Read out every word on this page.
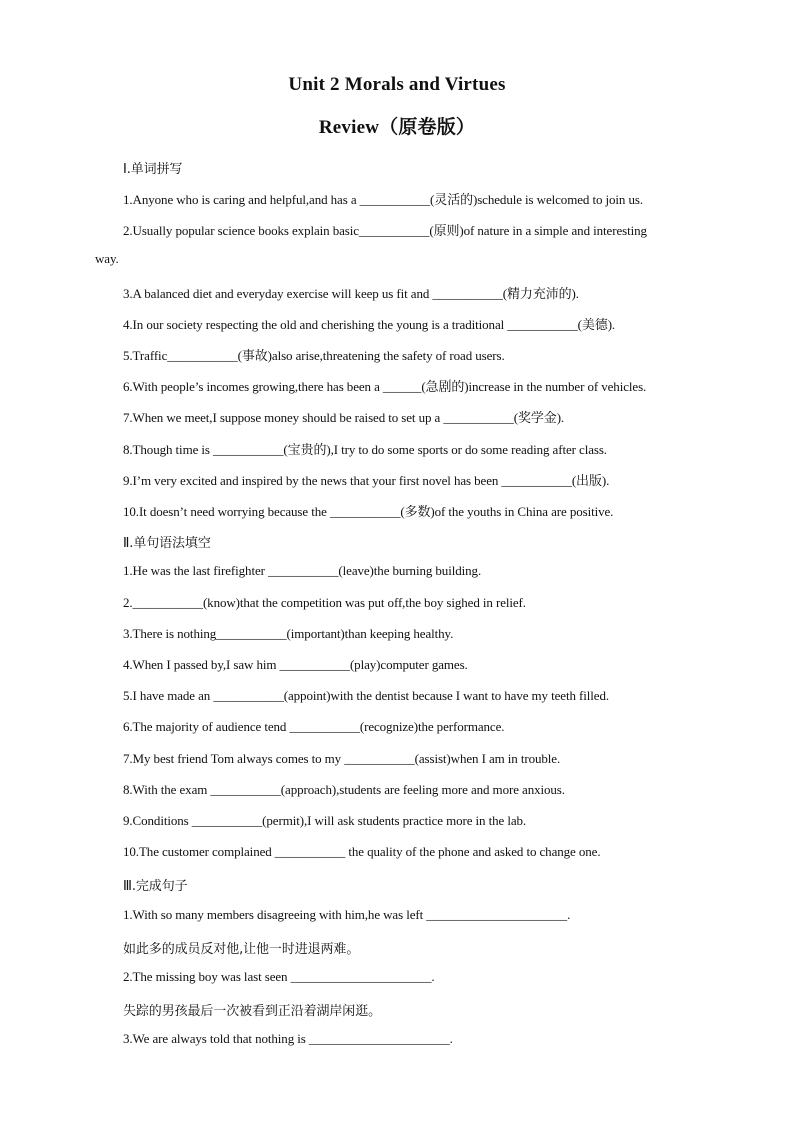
Unit 2 Morals and Virtues
Review（原卷版）
Ⅰ.单词拼写
1.Anyone who is caring and helpful,and has a ___________(灵活的)schedule is welcomed to join us.
2.Usually popular science books explain basic___________(原则)of nature in a simple and interesting
way.
3.A balanced diet and everyday exercise will keep us fit and ___________(精力充沛的).
4.In our society respecting the old and cherishing the young is a traditional ___________(美德).
5.Traffic___________(事故)also arise,threatening the safety of road users.
6.With people’s incomes growing,there has been a ______(急剧的)increase in the number of vehicles.
7.When we meet,I suppose money should be raised to set up a ___________(奖学金).
8.Though time is ___________(宝贵的),I try to do some sports or do some reading after class.
9.I’m very excited and inspired by the news that your first novel has been ___________(出版).
10.It doesn’t need worrying because the ___________(多数)of the youths in China are positive.
Ⅱ.单句语法填空
1.He was the last firefighter ___________(leave)the burning building.
2.___________(know)that the competition was put off,the boy sighed in relief.
3.There is nothing___________(important)than keeping healthy.
4.When I passed by,I saw him ___________(play)computer games.
5.I have made an ___________(appoint)with the dentist because I want to have my teeth filled.
6.The majority of audience tend ___________(recognize)the performance.
7.My best friend Tom always comes to my ___________(assist)when I am in trouble.
8.With the exam ___________(approach),students are feeling more and more anxious.
9.Conditions ___________(permit),I will ask students practice more in the lab.
10.The customer complained ___________ the quality of the phone and asked to change one.
Ⅲ.完成句子
1.With so many members disagreeing with him,he was left ______________________.
如此多的成员反对他,让他一时进退两难。
2.The missing boy was last seen ______________________.
失踪的男孩最后一次被看到正沿着湖岸闲逛。
3.We are always told that nothing is ______________________.
